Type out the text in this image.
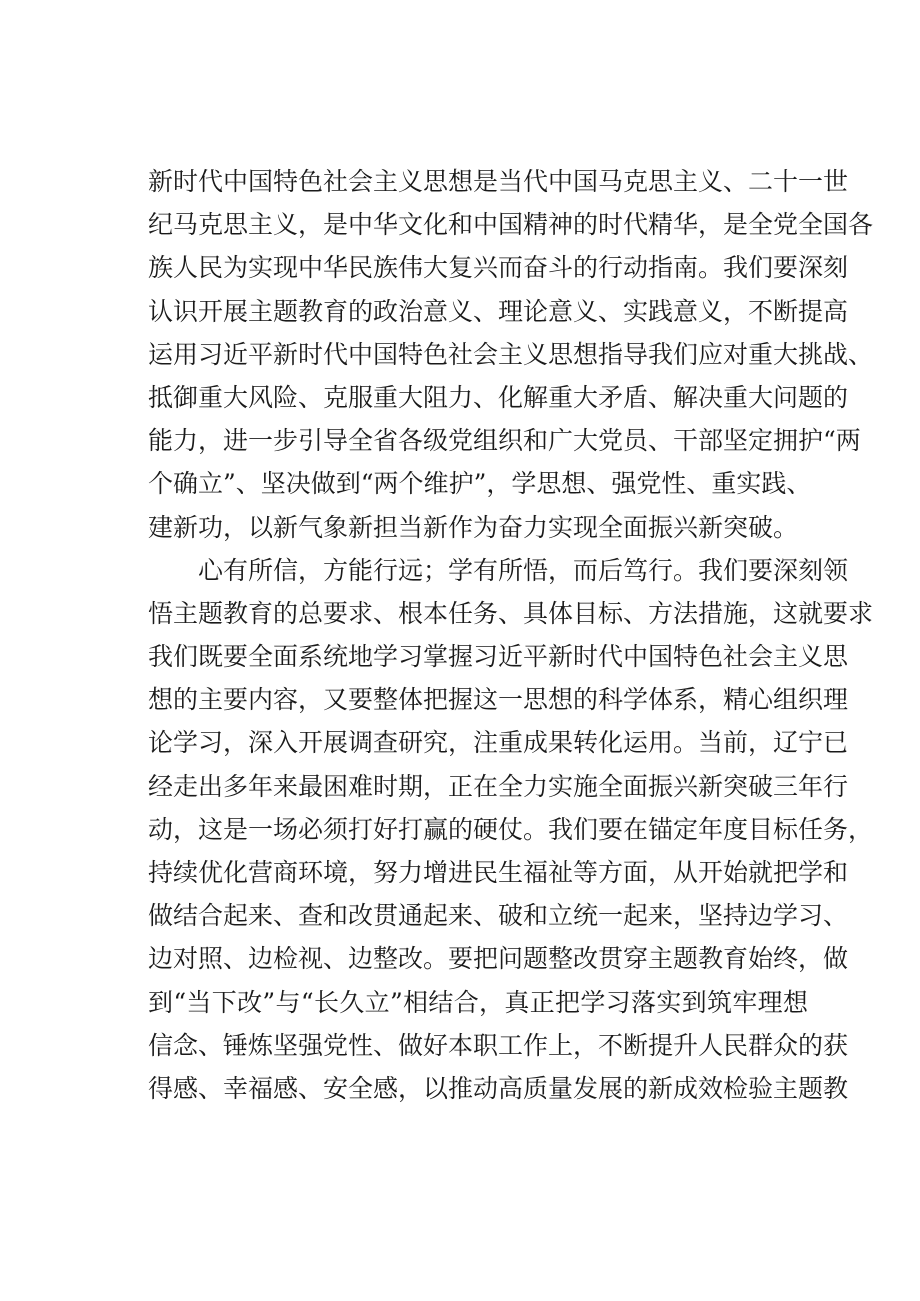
新时代中国特色社会主义思想是当代中国马克思主义、二十一世
纪马克思主义，是中华文化和中国精神的时代精华，是全党全国各
族人民为实现中华民族伟大复兴而奋斗的行动指南。我们要深刻
认识开展主题教育的政治意义、理论意义、实践意义，不断提高
运用习近平新时代中国特色社会主义思想指导我们应对重大挑战、
抵御重大风险、克服重大阻力、化解重大矛盾、解决重大问题的
能力，进一步引导全省各级党组织和广大党员、干部坚定拥护“两
个确立”、坚决做到“两个维护”，学思想、强党性、重实践、
建新功，以新气象新担当新作为奋力实现全面振兴新突破。
心有所信，方能行远；学有所悟，而后笃行。我们要深刻领
悟主题教育的总要求、根本任务、具体目标、方法措施，这就要求
我们既要全面系统地学习掌握习近平新时代中国特色社会主义思
想的主要内容，又要整体把握这一思想的科学体系，精心组织理
论学习，深入开展调查研究，注重成果转化运用。当前，辽宁已
经走出多年来最困难时期，正在全力实施全面振兴新突破三年行
动，这是一场必须打好打赢的硬仗。我们要在锚定年度目标任务，
持续优化营商环境，努力增进民生福祉等方面，从开始就把学和
做结合起来、查和改贯通起来、破和立统一起来，坚持边学习、
边对照、边检视、边整改。要把问题整改贯穿主题教育始终，做
到“当下改”与“长久立”相结合，真正把学习落实到筑牢理想
信念、锤炼坚强党性、做好本职工作上，不断提升人民群众的获
得感、幸福感、安全感，以推动高质量发展的新成效检验主题教
